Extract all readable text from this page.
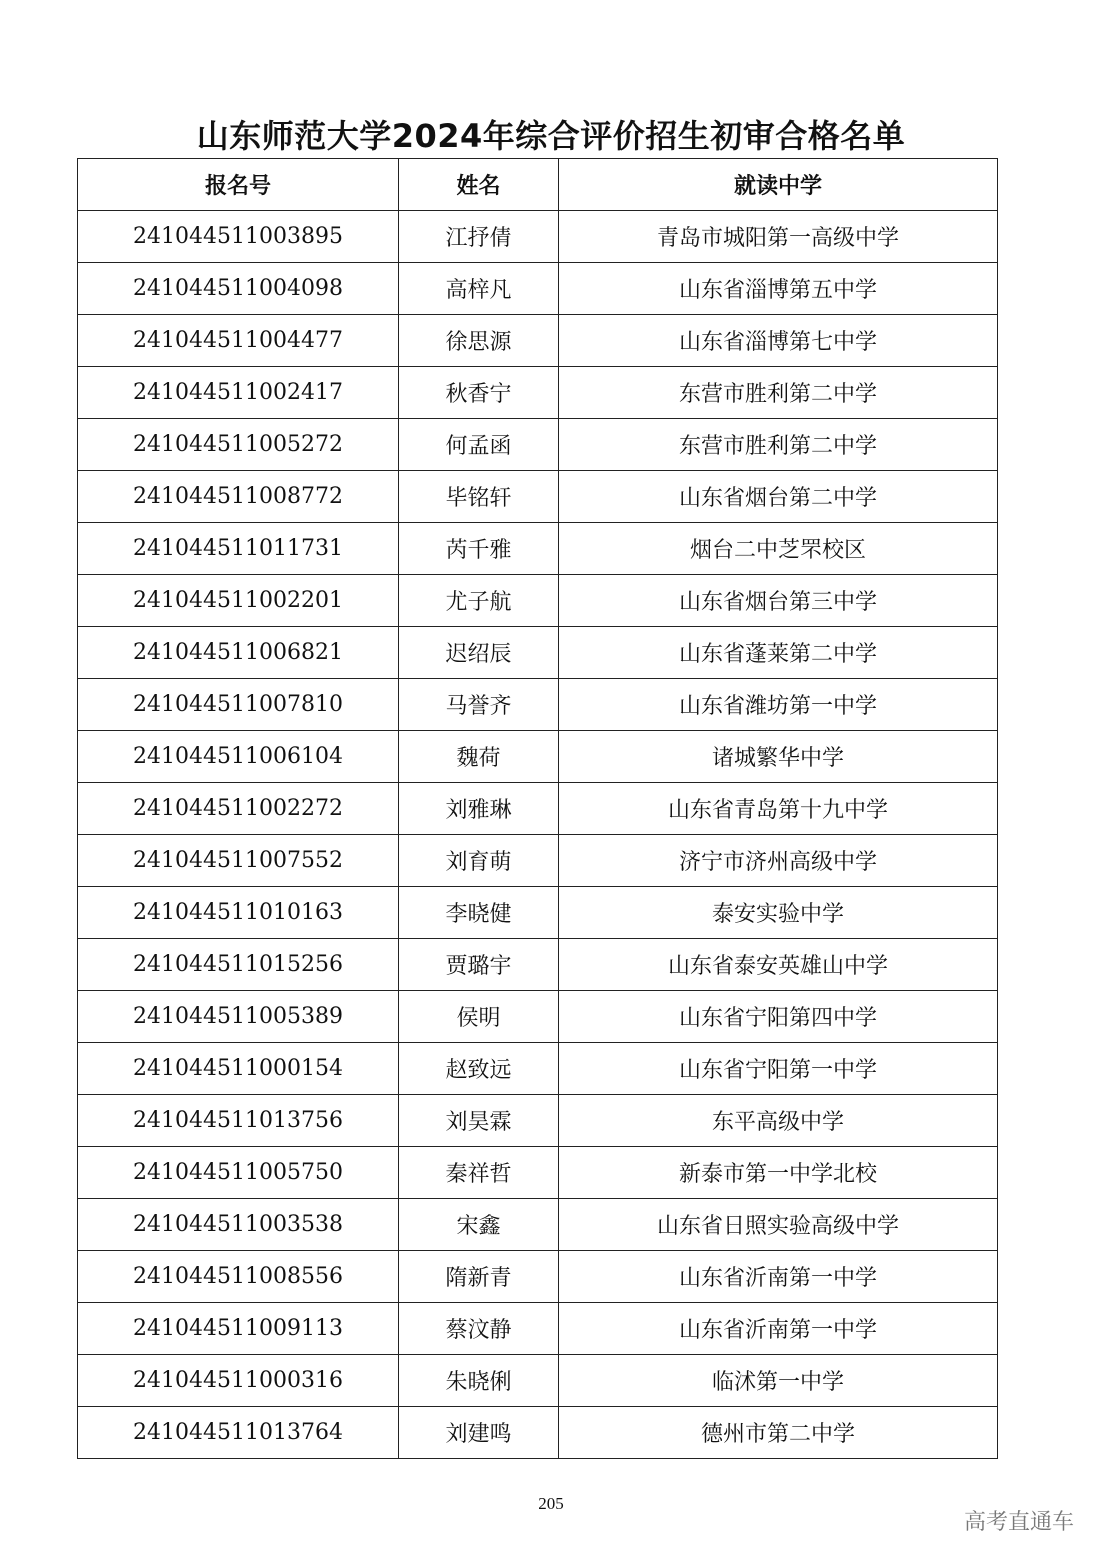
山东师范大学2024年综合评价招生初审合格名单
报名号	姓名	就读中学
241044511003895	江抒倩	青岛市城阳第一高级中学
241044511004098	高梓凡	山东省淄博第五中学
241044511004477	徐思源	山东省淄博第七中学
241044511002417	秋香宁	东营市胜利第二中学
241044511005272	何孟函	东营市胜利第二中学
241044511008772	毕铭轩	山东省烟台第二中学
241044511011731	芮千雅	烟台二中芝罘校区
241044511002201	尤子航	山东省烟台第三中学
241044511006821	迟绍辰	山东省蓬莱第二中学
241044511007810	马誉齐	山东省潍坊第一中学
241044511006104	魏荷	诸城繁华中学
241044511002272	刘雅琳	山东省青岛第十九中学
241044511007552	刘育萌	济宁市济州高级中学
241044511010163	李晓健	泰安实验中学
241044511015256	贾璐宇	山东省泰安英雄山中学
241044511005389	侯明	山东省宁阳第四中学
241044511000154	赵致远	山东省宁阳第一中学
241044511013756	刘昊霖	东平高级中学
241044511005750	秦祥哲	新泰市第一中学北校
241044511003538	宋鑫	山东省日照实验高级中学
241044511008556	隋新青	山东省沂南第一中学
241044511009113	蔡汶静	山东省沂南第一中学
241044511000316	朱晓俐	临沭第一中学
241044511013764	刘建鸣	德州市第二中学
205
高考直通车
